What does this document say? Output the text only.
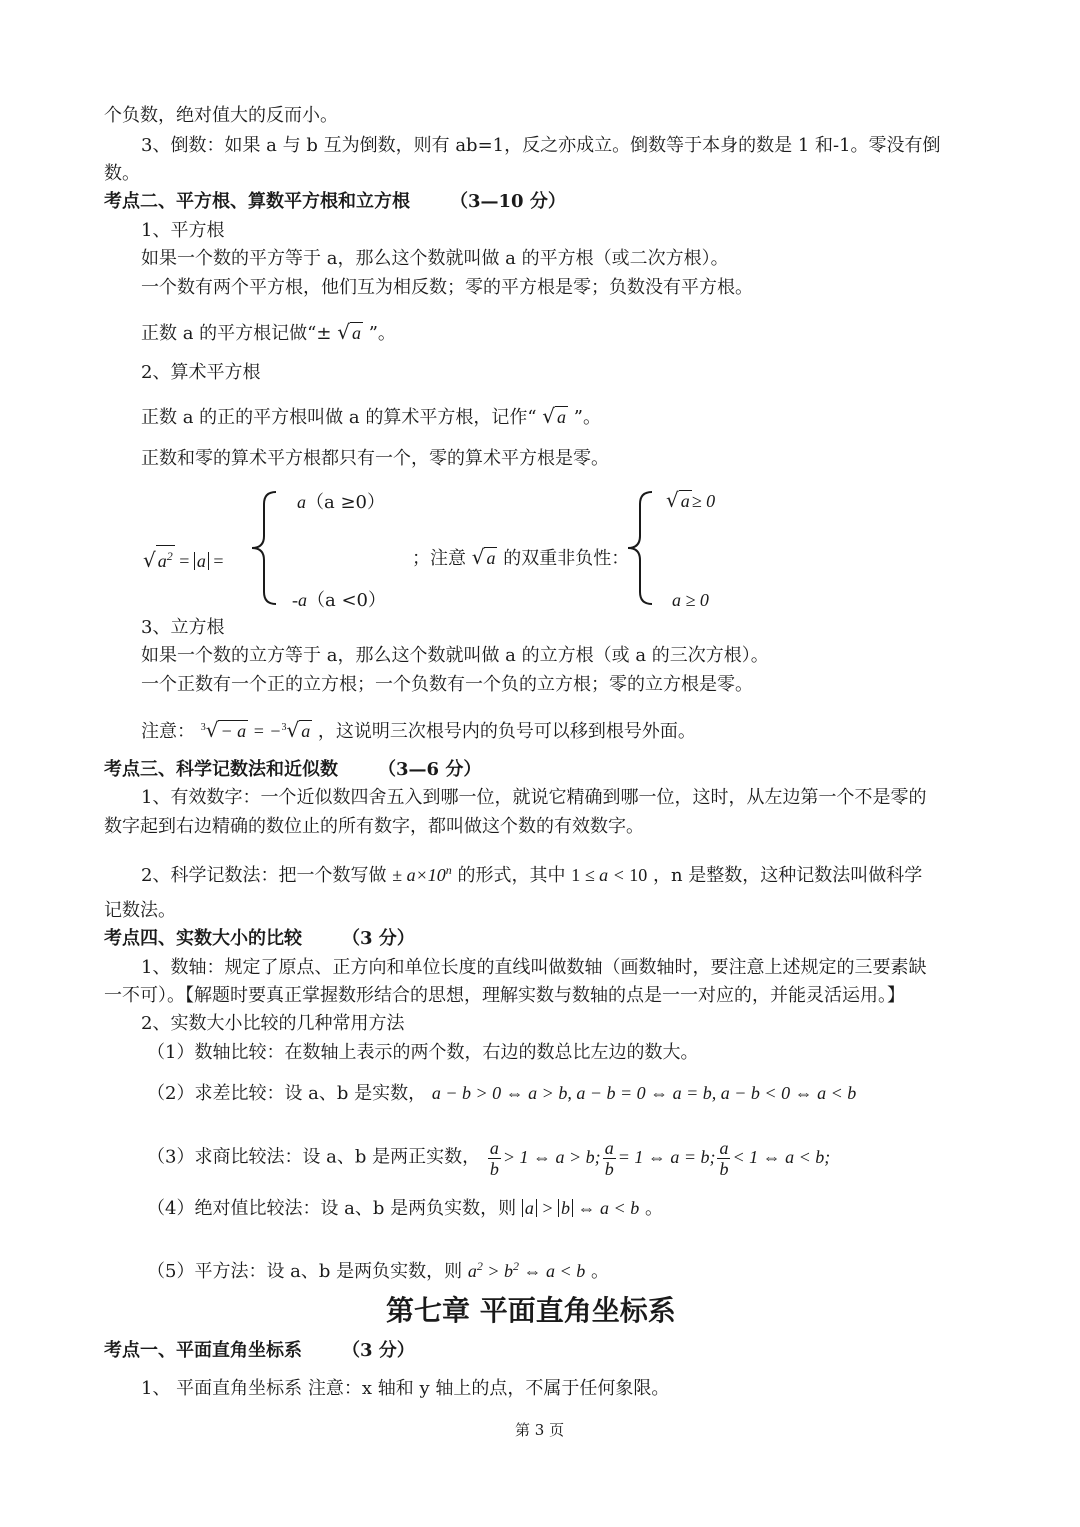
个负数，绝对值大的反而小。
3、倒数：如果 a 与 b 互为倒数，则有 ab=1，反之亦成立。倒数等于本身的数是 1 和-1。零没有倒
数。
考点二、平方根、算数平方根和立方根 （3—10 分）
1、平方根
如果一个数的平方等于 a，那么这个数就叫做 a 的平方根（或二次方根）。
一个数有两个平方根，他们互为相反数；零的平方根是零；负数没有平方根。
正数 a 的平方根记做“± √ a ”。
2、算术平方根
正数 a 的正的平方根叫做 a 的算术平方根，记作“ √ a ”。
正数和零的算术平方根都只有一个，零的算术平方根是零。
√ $a^2 = a$ =
a（a ≥0）
-a（a <0）
；注意 √ a 的双重非负性：
√ a ≥ 0
a ≥ 0
3、立方根
如果一个数的立方等于 a，那么这个数就叫做 a 的立方根（或 a 的三次方根）。
一个正数有一个正的立方根；一个负数有一个负的立方根；零的立方根是零。
注意： $^3$√ − a = −$^3$√ a ，这说明三次根号内的负号可以移到根号外面。
考点三、科学记数法和近似数 （3—6 分）
1、有效数字：一个近似数四舍五入到哪一位，就说它精确到哪一位，这时，从左边第一个不是零的
数字起到右边精确的数位止的所有数字，都叫做这个数的有效数字。
2、科学记数法：把一个数写做 ± $a\times 10^n$ 的形式，其中 1 ≤ a < 10 ，n 是整数，这种记数法叫做科学
记数法。
考点四、实数大小的比较 （3 分）
1、数轴：规定了原点、正方向和单位长度的直线叫做数轴（画数轴时，要注意上述规定的三要素缺
一不可）。【解题时要真正掌握数形结合的思想，理解实数与数轴的点是一一对应的，并能灵活运用。】
2、实数大小比较的几种常用方法
（1）数轴比较：在数轴上表示的两个数，右边的数总比左边的数大。
（2）求差比较：设 a、b 是实数， a − b > 0 ⇔ a > b, a − b = 0 ⇔ a = b, a − b < 0 ⇔ a < b
（3）求商比较法：设 a、b 是两正实数， $\frac{a}{b} > 1$ ⇔ a > b; $\frac{a}{b} = 1$ ⇔ a = b; $\frac{a}{b} < 1$ ⇔ a < b;
（4）绝对值比较法：设 a、b 是两负实数，则 a > b ⇔ a < b 。
（5）平方法：设 a、b 是两负实数，则 $a^2 > b^2$ ⇔ a < b 。
第七章 平面直角坐标系
考点一、平面直角坐标系 （3 分）
1、 平面直角坐标系 注意：x 轴和 y 轴上的点，不属于任何象限。
第 3 页
